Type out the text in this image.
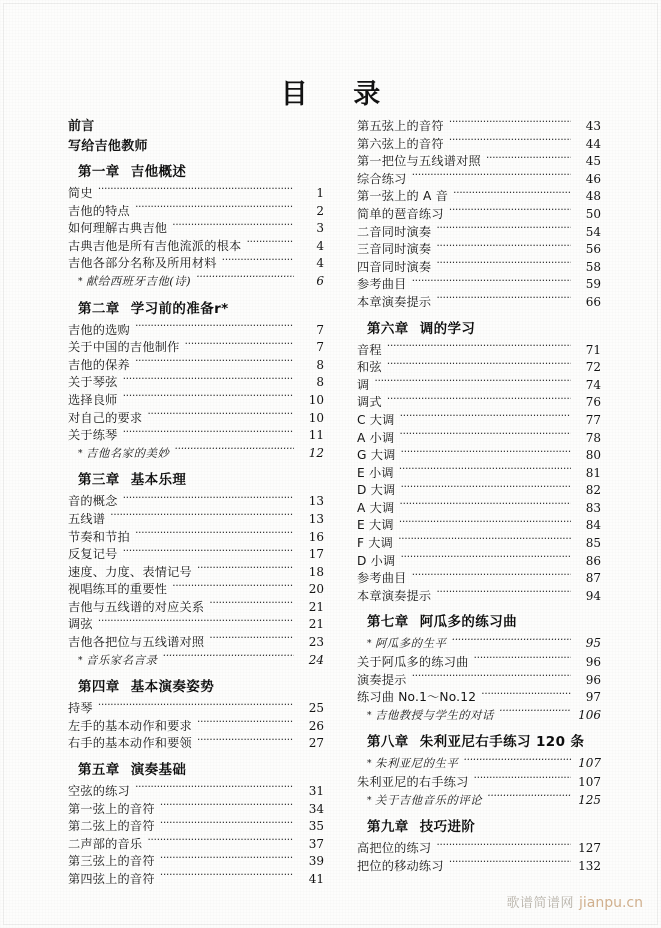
目 录
前言
写给吉他教师
第一章 吉他概述
简史 ·····	1
吉他的特点 ·····	2
如何理解古典吉他 ·····	3
古典吉他是所有吉他流派的根本 ·····	4
吉他各部分名称及所用材料 ·····	4
* 献给西班牙吉他(诗) ·····	6
第二章 学习前的准备r*
吉他的选购 ·····	7
关于中国的吉他制作 ·····	7
吉他的保养 ·····	8
关于琴弦 ·····	8
选择良师 ·····	10
对自己的要求 ·····	10
关于练琴 ·····	11
* 吉他名家的美妙 ·····	12
第三章 基本乐理
音的概念 ·····	13
五线谱 ·····	13
节奏和节拍 ·····	16
反复记号 ·····	17
速度、力度、表情记号 ·····	18
视唱练耳的重要性 ·····	20
吉他与五线谱的对应关系 ·····	21
调弦 ·····	21
吉他各把位与五线谱对照 ·····	23
* 音乐家名言录 ·····	24
第四章 基本演奏姿势
持琴 ·····	25
左手的基本动作和要求 ·····	26
右手的基本动作和要领 ·····	27
第五章 演奏基础
空弦的练习 ·····	31
第一弦上的音符 ·····	34
第二弦上的音符 ·····	35
二声部的音乐 ·····	37
第三弦上的音符 ·····	39
第四弦上的音符 ·····	41
第五弦上的音符 ·····	43
第六弦上的音符 ·····	44
第一把位与五线谱对照 ·····	45
综合练习 ·····	46
第一弦上的 A 音 ·····	48
简单的琶音练习 ·····	50
二音同时演奏 ·····	54
三音同时演奏 ·····	56
四音同时演奏 ·····	58
参考曲目 ·····	59
本章演奏提示 ·····	66
第六章 调的学习
音程 ·····	71
和弦 ·····	72
调 ·····	74
调式 ·····	76
C 大调 ·····	77
A 小调 ·····	78
G 大调 ·····	80
E 小调 ·····	81
D 大调 ·····	82
A 大调 ·····	83
E 大调 ·····	84
F 大调 ·····	85
D 小调 ·····	86
参考曲目 ·····	87
本章演奏提示 ·····	94
第七章 阿瓜多的练习曲
* 阿瓜多的生平 ·····	95
关于阿瓜多的练习曲 ·····	96
演奏提示 ·····	96
练习曲 No.1～No.12 ·····	97
* 吉他教授与学生的对话 ·····	106
第八章 朱利亚尼右手练习 120 条
* 朱利亚尼的生平 ·····	107
朱利亚尼的右手练习 ·····	107
* 关于吉他音乐的评论 ·····	125
第九章 技巧进阶
高把位的练习 ·····	127
把位的移动练习 ·····	132
歌谱简谱网 jianpu.cn
